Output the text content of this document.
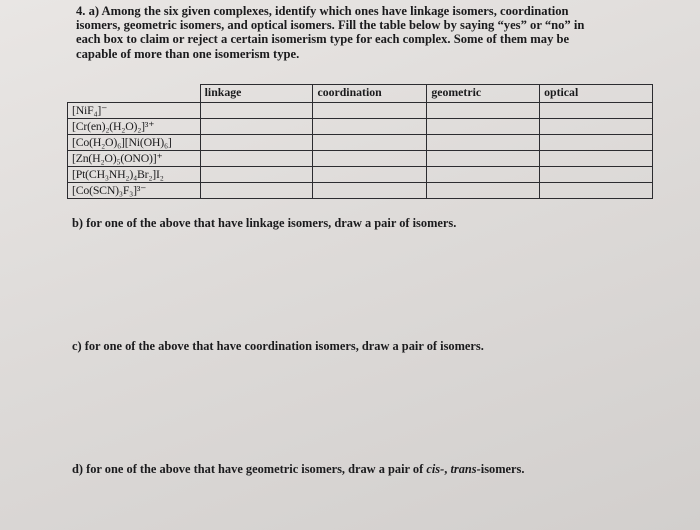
4. a) Among the six given complexes, identify which ones have linkage isomers, coordination

isomers, geometric isomers, and optical isomers. Fill the table below by saying “yes” or “no” in

each box to claim or reject a certain isomerism type for each complex. Some of them may be

capable of more than one isomerism type.

	linkage	coordination	geometric	optical
[NiF₄]⁻				
[Cr(en)₂(H₂O)₂]³⁺				
[Co(H₂O)₆][Ni(OH)₆]				
[Zn(H₂O)₅(ONO)]⁺				
[Pt(CH₃NH₂)₄Br₂]I₂				
[Co(SCN)₃F₃]³⁻				
b) for one of the above that have linkage isomers, draw a pair of isomers.
c) for one of the above that have coordination isomers, draw a pair of isomers.
d) for one of the above that have geometric isomers, draw a pair of cis-, trans-isomers.
